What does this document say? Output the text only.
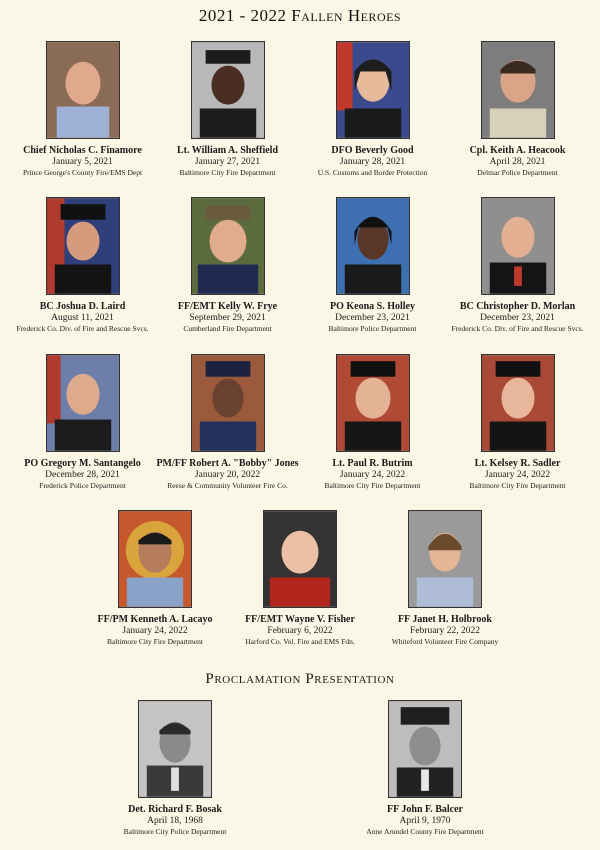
2021 - 2022 Fallen Heroes
Chief Nicholas C. Finamore
January 5, 2021
Prince George's County Fire/EMS Dept
Lt. William A. Sheffield
January 27, 2021
Baltimore City Fire Department
DFO Beverly Good
January 28, 2021
U.S. Customs and Border Protection
Cpl. Keith A. Heacook
April 28, 2021
Delmar Police Department
BC Joshua D. Laird
August 11, 2021
Frederick Co. Div. of Fire and Rescue Svcs.
FF/EMT Kelly W. Frye
September 29, 2021
Cumberland Fire Department
PO Keona S. Holley
December 23, 2021
Baltimore Police Department
BC Christopher D. Morlan
December 23, 2021
Frederick Co. Div. of Fire and Rescue Svcs.
PO Gregory M. Santangelo
December 28, 2021
Frederick Police Department
PM/FF Robert A. "Bobby" Jones
January 20, 2022
Reese & Community Volunteer Fire Co.
Lt. Paul R. Butrim
January 24, 2022
Baltimore City Fire Department
Lt. Kelsey R. Sadler
January 24, 2022
Baltimore City Fire Department
FF/PM Kenneth A. Lacayo
January 24, 2022
Baltimore City Fire Department
FF/EMT Wayne V. Fisher
February 6, 2022
Harford Co. Vol. Fire and EMS Fdn.
FF Janet H. Holbrook
February 22, 2022
Whiteford Volunteer Fire Company
Proclamation Presentation
Det. Richard F. Bosak
April 18, 1968
Baltimore City Police Department
FF John F. Balcer
April 9, 1970
Anne Arundel County Fire Department
